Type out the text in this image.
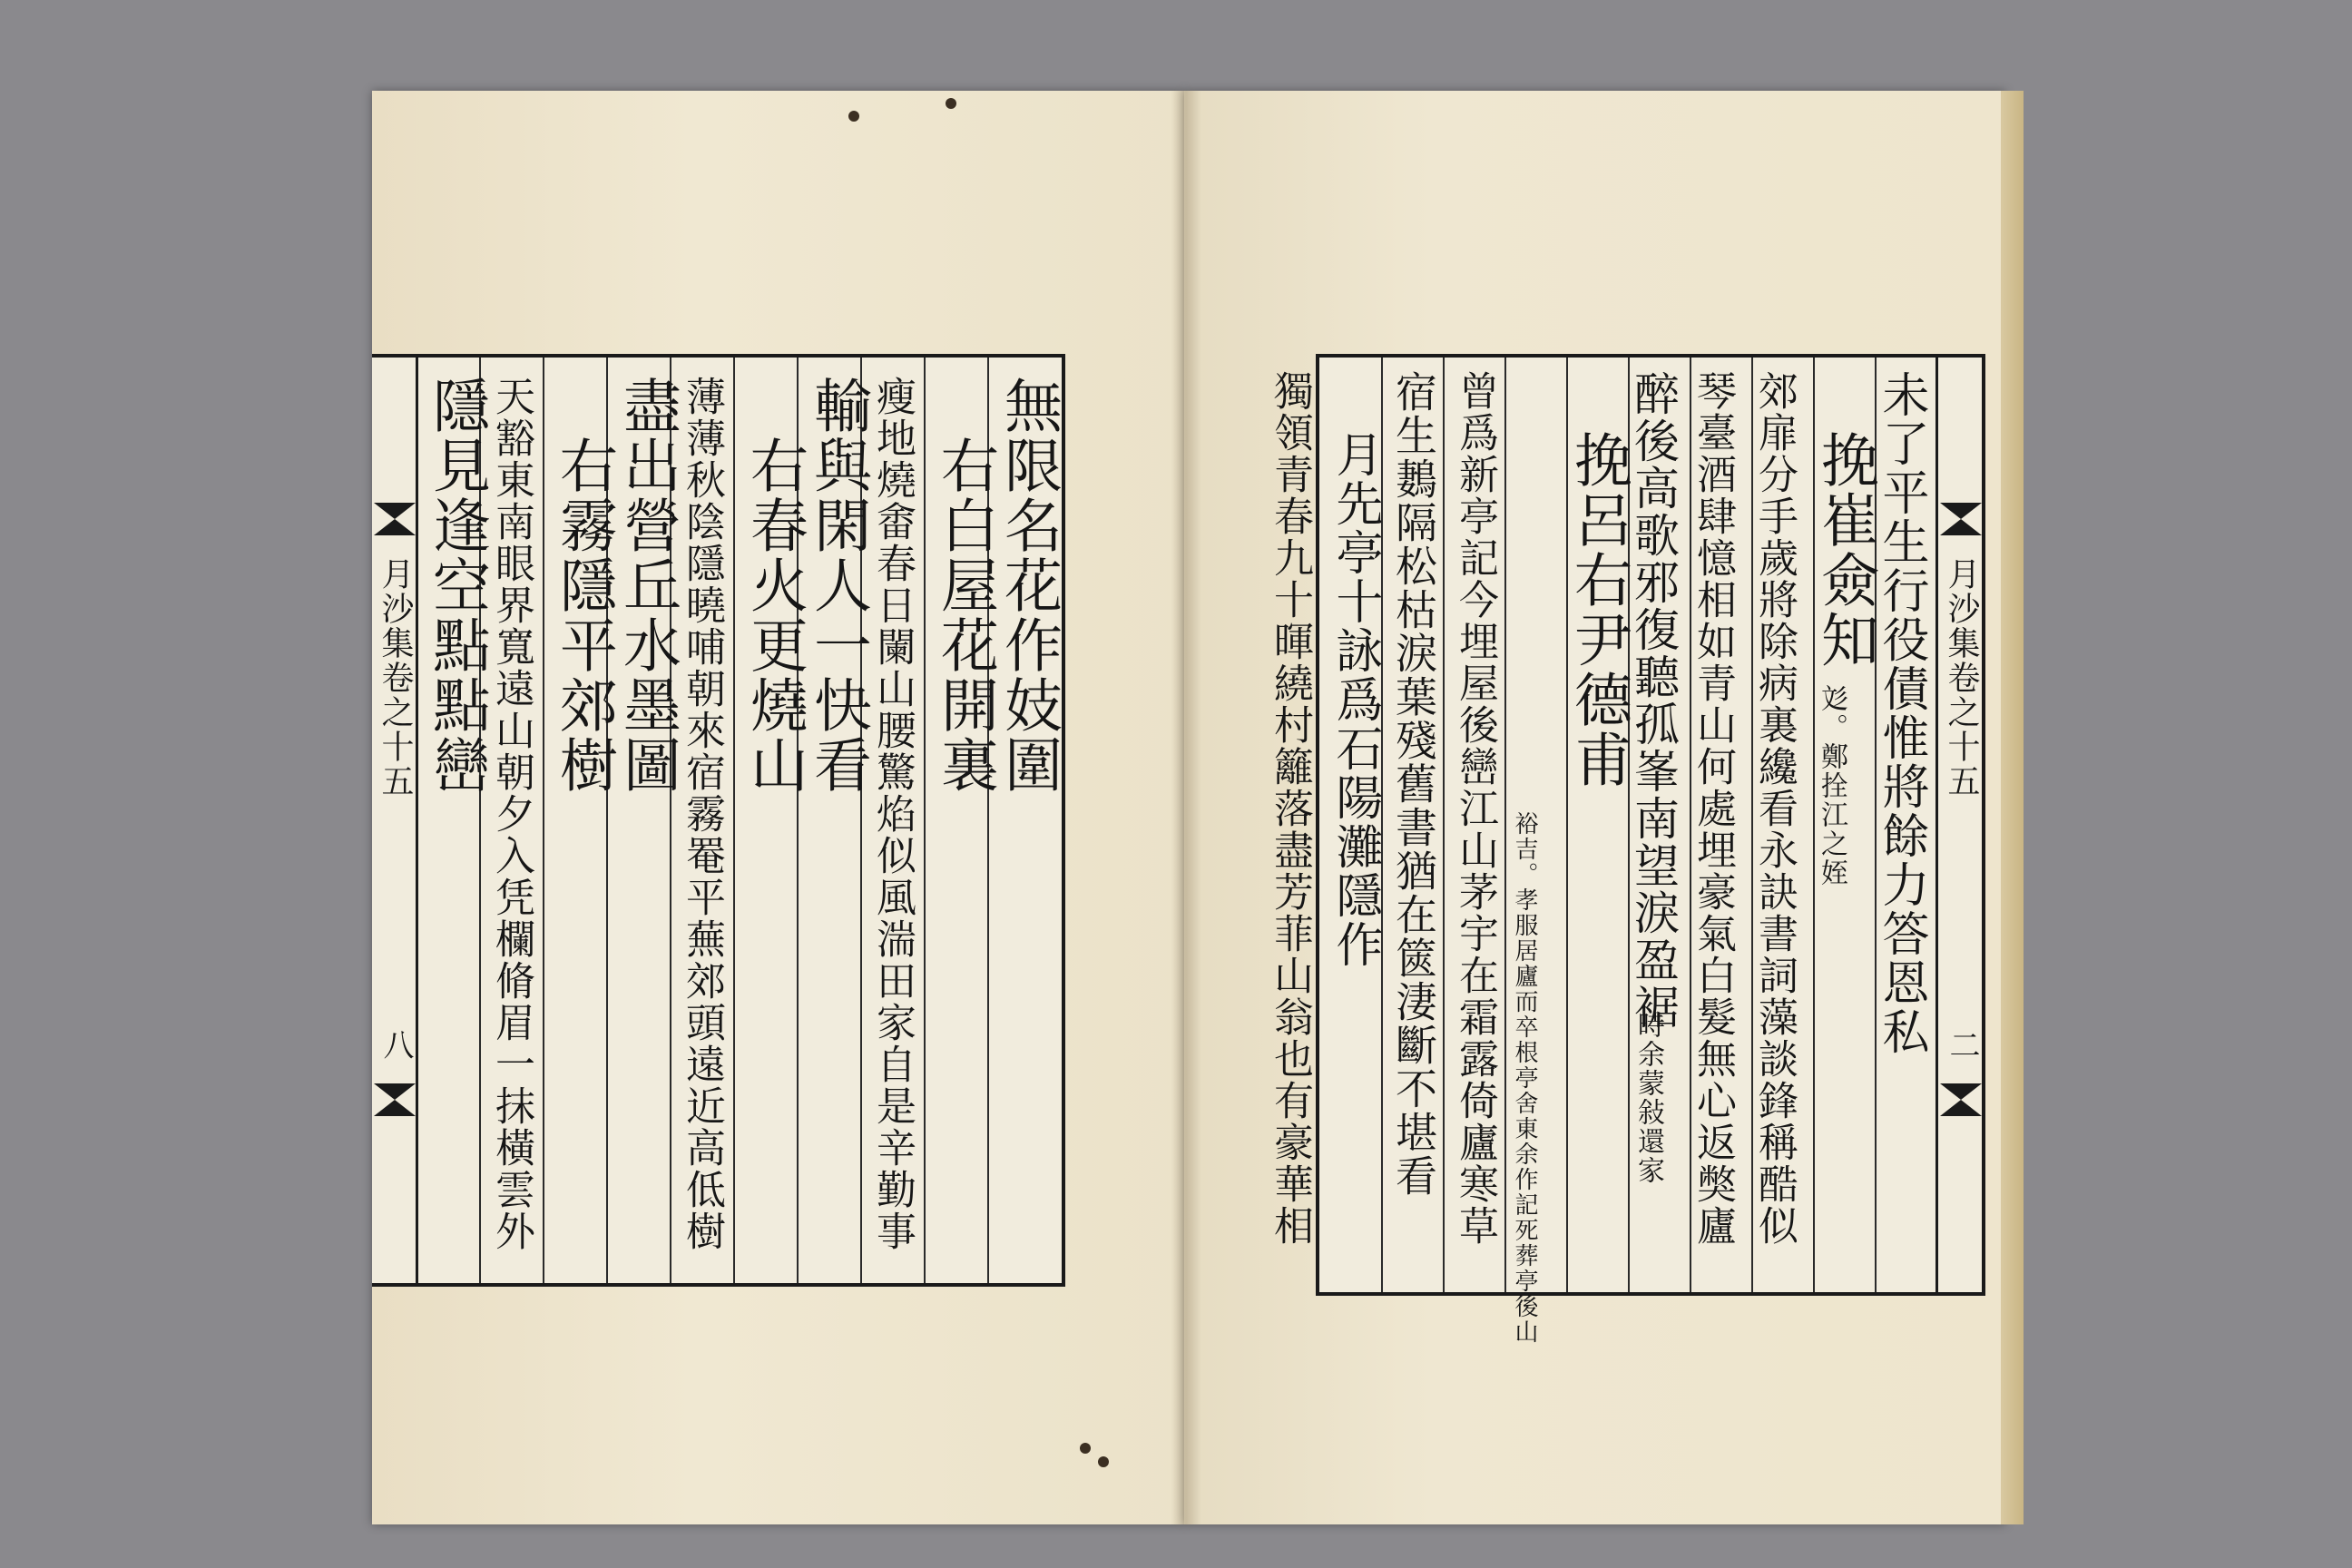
月沙集卷之十五
八
無限名花作妓圍
右白屋花開裏
瘦地燒畬春日闌山腰驚焰似風湍田家自是辛勤事
輸與閑人一快看
右春火更燒山
薄薄秋陰隱曉哺朝來宿霧罨平蕪郊頭遠近高低樹
盡出營丘水墨圖
右霧隱平郊樹
天豁東南眼界寬遠山朝夕入凭欄脩眉一抹橫雲外
隱見逢空點點巒	月沙集卷之十五
二
未了平生行役債惟將餘力答恩私
挽崔僉知
彣。鄭拴江之姪
郊扉分手歲將除病裏纔看永訣書詞藻談鋒稱酷似
琴臺酒肆憶相如青山何處埋豪氣白髮無心返獘廬
醉後高歌邪復聽孤峯南望淚盈裾
時余蒙敍還家
挽呂右尹德甫
裕吉。孝服居廬而卒根亭舍東余作記死葬亭後山
曾爲新亭記今埋屋後巒江山茅宇在霜露倚廬寒草
宿生鶈隔松枯淚葉殘舊書猶在篋淒斷不堪看
月先亭十詠爲石陽灘隱作
獨領青春九十暉繞村籬落盡芳菲山翁也有豪華相
